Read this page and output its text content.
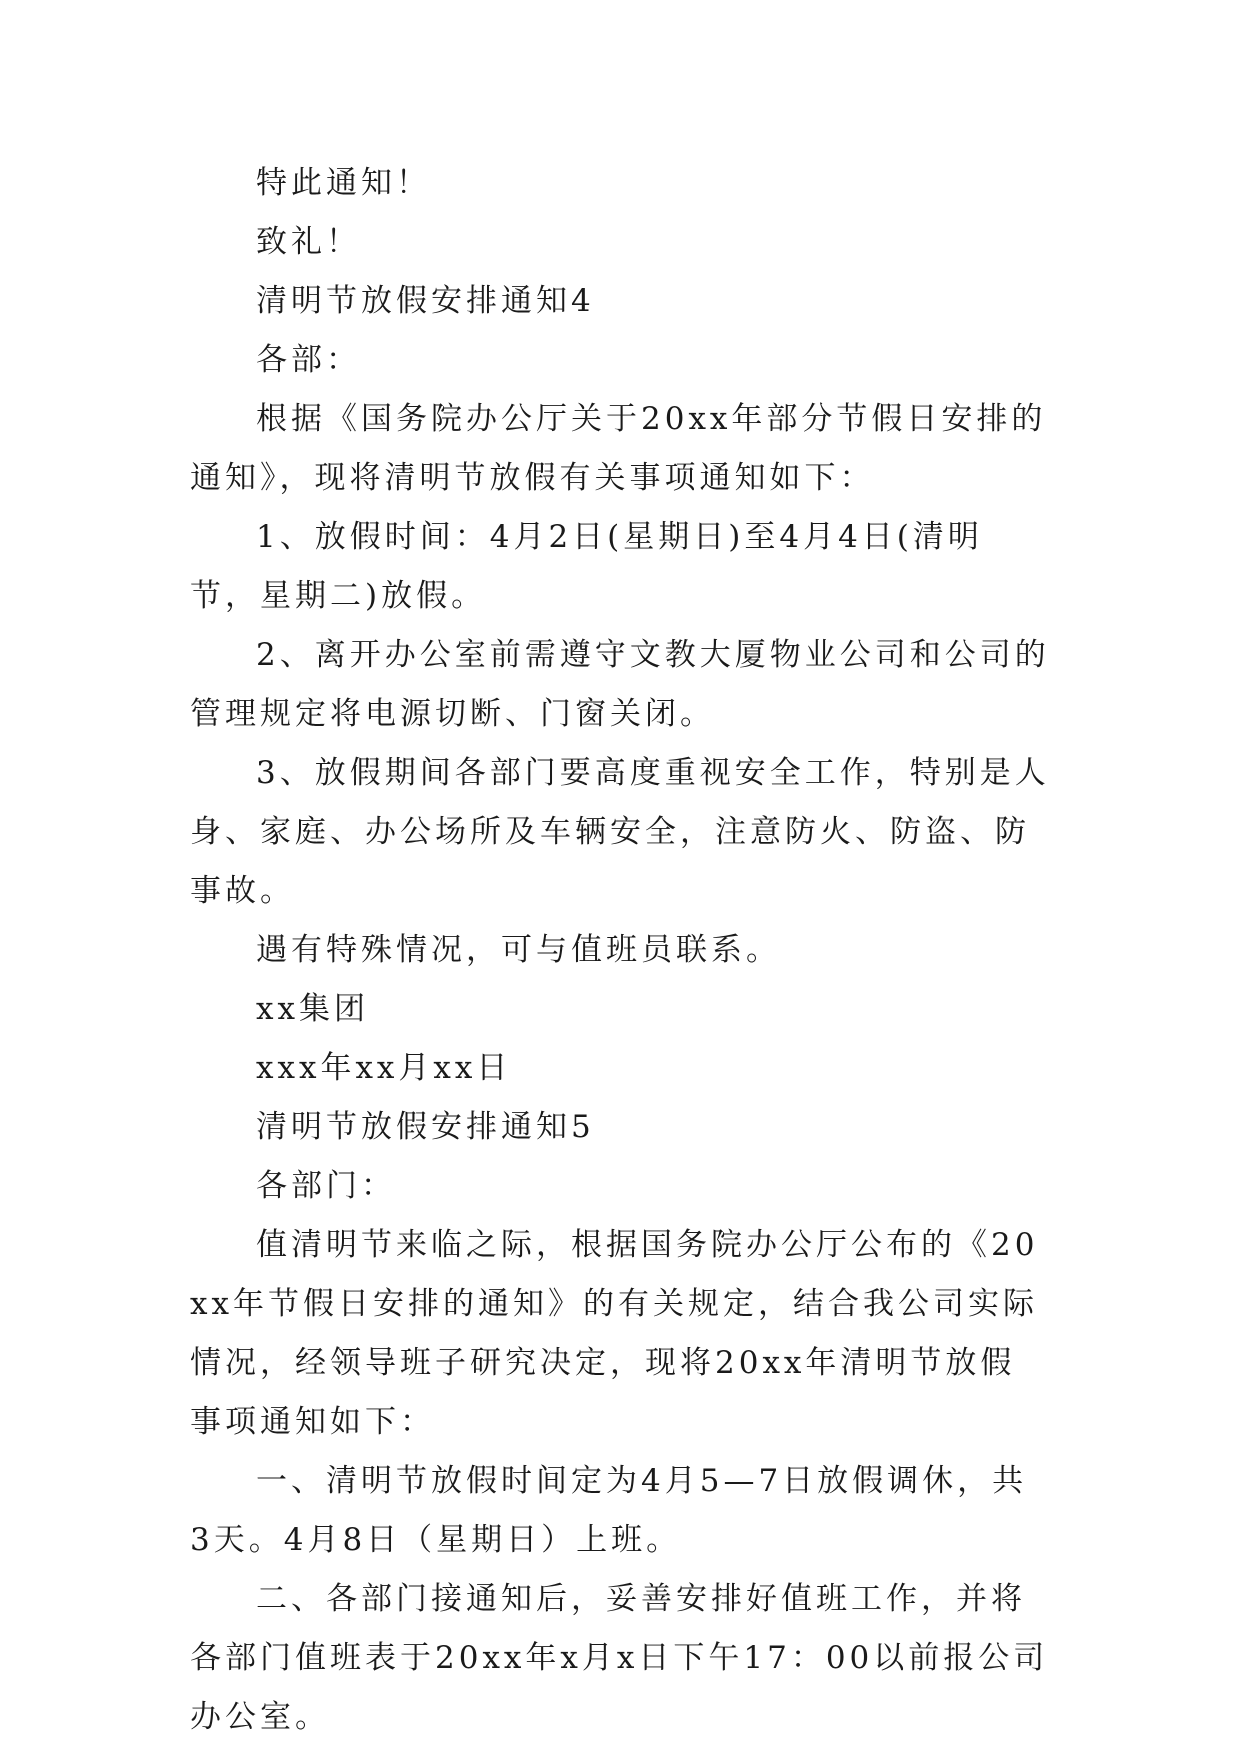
特此通知！

致礼！

清明节放假安排通知4

各部：

根据《国务院办公厅关于20xx年部分节假日安排的通知》，现将清明节放假有关事项通知如下：

1、放假时间：4月2日(星期日)至4月4日(清明节，星期二)放假。

2、离开办公室前需遵守文教大厦物业公司和公司的管理规定将电源切断、门窗关闭。

3、放假期间各部门要高度重视安全工作，特别是人身、家庭、办公场所及车辆安全，注意防火、防盗、防事故。

遇有特殊情况，可与值班员联系。

xx集团

xxx年xx月xx日

清明节放假安排通知5

各部门：

值清明节来临之际，根据国务院办公厅公布的《20xx年节假日安排的通知》的有关规定，结合我公司实际情况，经领导班子研究决定，现将20xx年清明节放假事项通知如下：

一、清明节放假时间定为4月5—7日放假调休，共3天。4月8日（星期日）上班。

二、各部门接通知后，妥善安排好值班工作，并将各部门值班表于20xx年x月x日下午17：00以前报公司办公室。
